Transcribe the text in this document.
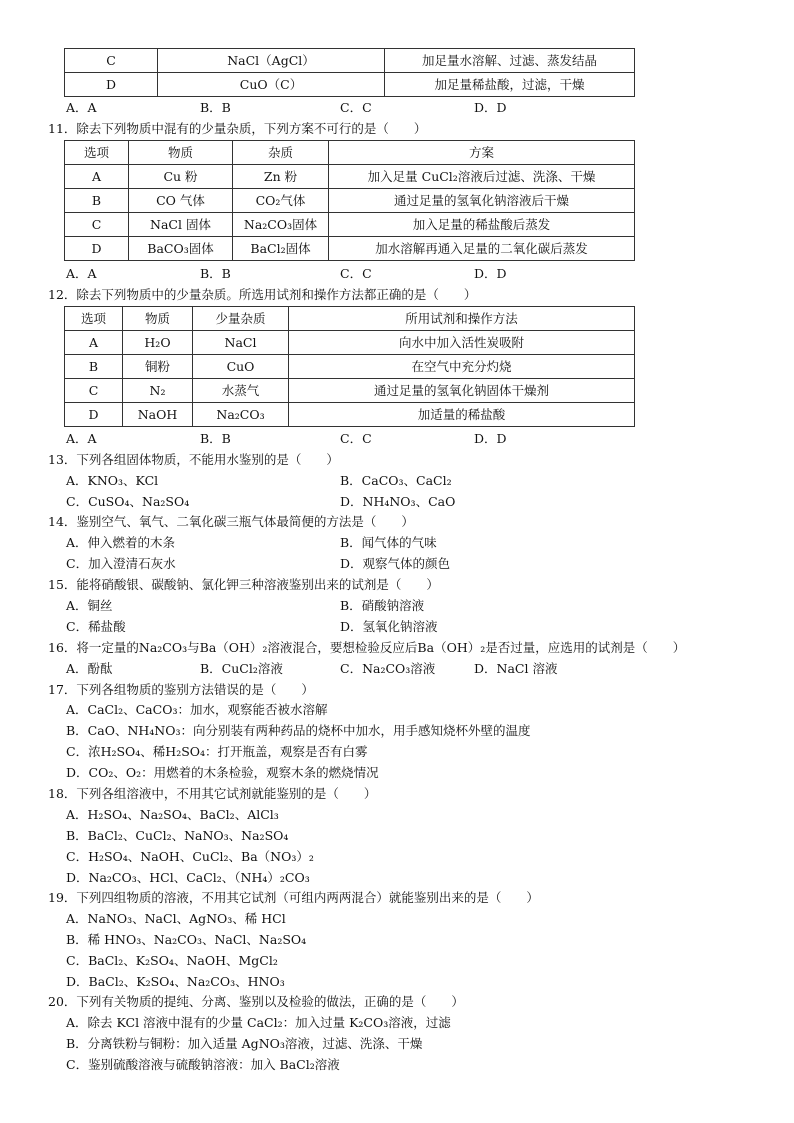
C	NaCl（AgCl）	加足量水溶解、过滤、蒸发结晶
D	CuO（C）	加足量稀盐酸，过滤，干燥
A．A	B．B	C．C	D．D
11．除去下列物质中混有的少量杂质，下列方案不可行的是（　　）
选项	物质	杂质	方案
A	Cu 粉	Zn 粉	加入足量 CuCl₂溶液后过滤、洗涤、干燥
B	CO 气体	CO₂气体	通过足量的氢氧化钠溶液后干燥
C	NaCl 固体	Na₂CO₃固体	加入足量的稀盐酸后蒸发
D	BaCO₃固体	BaCl₂固体	加水溶解再通入足量的二氧化碳后蒸发
A．A	B．B	C．C	D．D
12．除去下列物质中的少量杂质。所选用试剂和操作方法都正确的是（　　）
选项	物质	少量杂质	所用试剂和操作方法
A	H₂O	NaCl	向水中加入活性炭吸附
B	铜粉	CuO	在空气中充分灼烧
C	N₂	水蒸气	通过足量的氢氧化钠固体干燥剂
D	NaOH	Na₂CO₃	加适量的稀盐酸
A．A	B．B	C．C	D．D
13．下列各组固体物质，不能用水鉴别的是（　　）
A．KNO₃、KCl	B．CaCO₃、CaCl₂
C．CuSO₄、Na₂SO₄	D．NH₄NO₃、CaO
14．鉴别空气、氧气、二氧化碳三瓶气体最简便的方法是（　　）
A．伸入燃着的木条	B．闻气体的气味
C．加入澄清石灰水	D．观察气体的颜色
15．能将硝酸银、碳酸钠、氯化钾三种溶液鉴别出来的试剂是（　　）
A．铜丝	B．硝酸钠溶液
C．稀盐酸	D．氢氧化钠溶液
16．将一定量的Na₂CO₃与Ba（OH）₂溶液混合，要想检验反应后Ba（OH）₂是否过量，应选用的试剂是（　　）
A．酚酞	B．CuCl₂溶液	C．Na₂CO₃溶液	D．NaCl 溶液
17．下列各组物质的鉴别方法错误的是（　　）
A．CaCl₂、CaCO₃：加水，观察能否被水溶解
B．CaO、NH₄NO₃：向分别装有两种药品的烧杯中加水，用手感知烧杯外壁的温度
C．浓H₂SO₄、稀H₂SO₄：打开瓶盖，观察是否有白雾
D．CO₂、O₂：用燃着的木条检验，观察木条的燃烧情况
18．下列各组溶液中，不用其它试剂就能鉴别的是（　　）
A．H₂SO₄、Na₂SO₄、BaCl₂、AlCl₃
B．BaCl₂、CuCl₂、NaNO₃、Na₂SO₄
C．H₂SO₄、NaOH、CuCl₂、Ba（NO₃）₂
D．Na₂CO₃、HCl、CaCl₂、（NH₄）₂CO₃
19．下列四组物质的溶液，不用其它试剂（可组内两两混合）就能鉴别出来的是（　　）
A．NaNO₃、NaCl、AgNO₃、稀 HCl
B．稀 HNO₃、Na₂CO₃、NaCl、Na₂SO₄
C．BaCl₂、K₂SO₄、NaOH、MgCl₂
D．BaCl₂、K₂SO₄、Na₂CO₃、HNO₃
20．下列有关物质的提纯、分离、鉴别以及检验的做法，正确的是（　　）
A．除去 KCl 溶液中混有的少量 CaCl₂：加入过量 K₂CO₃溶液，过滤
B．分离铁粉与铜粉：加入适量 AgNO₃溶液，过滤、洗涤、干燥
C．鉴别硫酸溶液与硫酸钠溶液：加入 BaCl₂溶液
